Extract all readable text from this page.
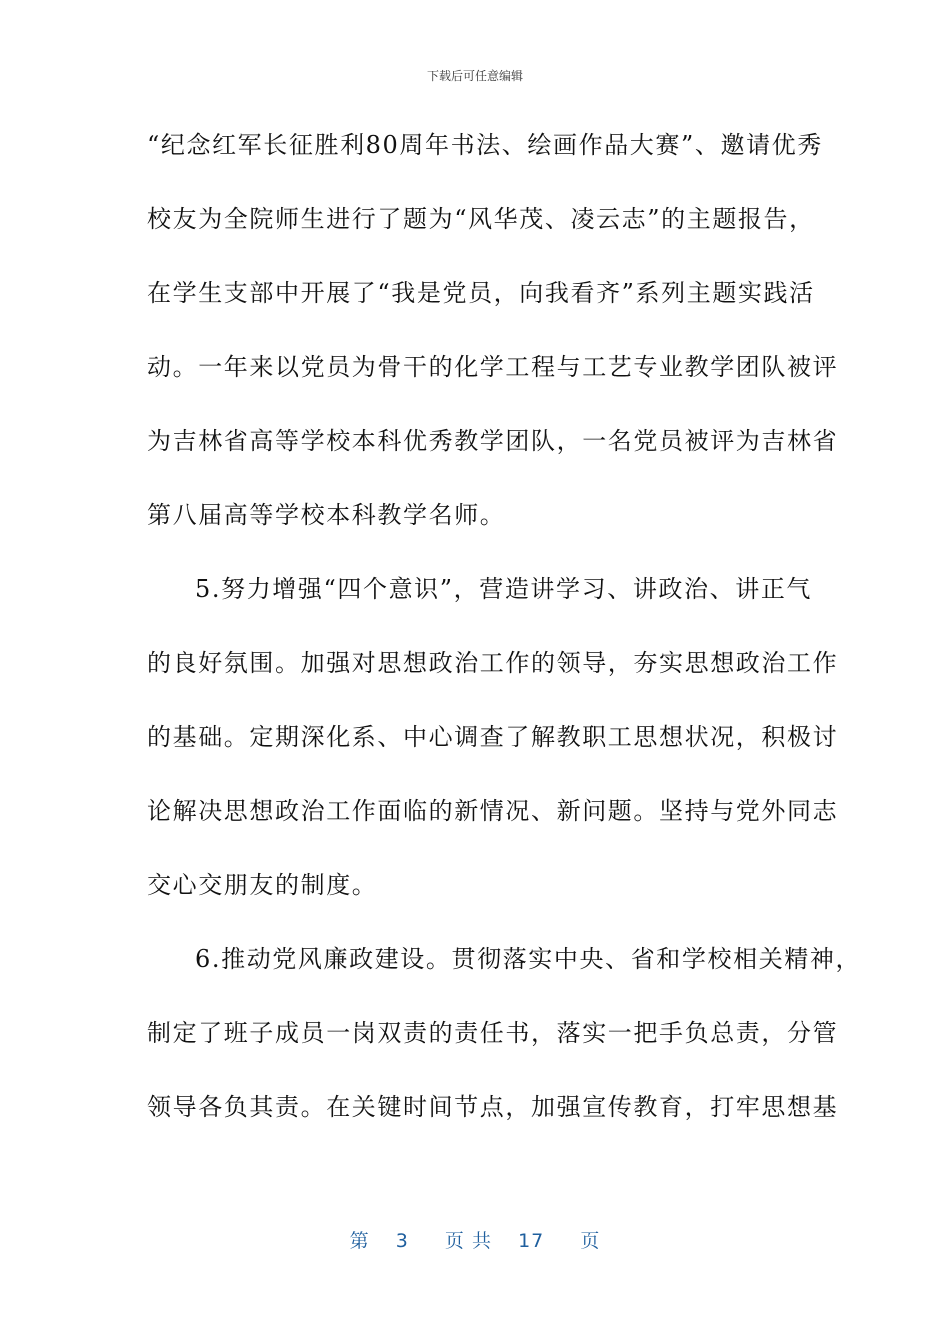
下载后可任意编辑
“纪念红军长征胜利80周年书法、绘画作品大赛”、邀请优秀
校友为全院师生进行了题为“风华茂、凌云志”的主题报告，
在学生支部中开展了“我是党员，向我看齐”系列主题实践活
动。一年来以党员为骨干的化学工程与工艺专业教学团队被评
为吉林省高等学校本科优秀教学团队，一名党员被评为吉林省
第八届高等学校本科教学名师。
5.努力增强“四个意识”，营造讲学习、讲政治、讲正气
的良好氛围。加强对思想政治工作的领导，夯实思想政治工作
的基础。定期深化系、中心调查了解教职工思想状况，积极讨
论解决思想政治工作面临的新情况、新问题。坚持与党外同志
交心交朋友的制度。
6.推动党风廉政建设。贯彻落实中央、省和学校相关精神，
制定了班子成员一岗双责的责任书，落实一把手负总责，分管
领导各负其责。在关键时间节点，加强宣传教育，打牢思想基
第 3 页 共 17 页
